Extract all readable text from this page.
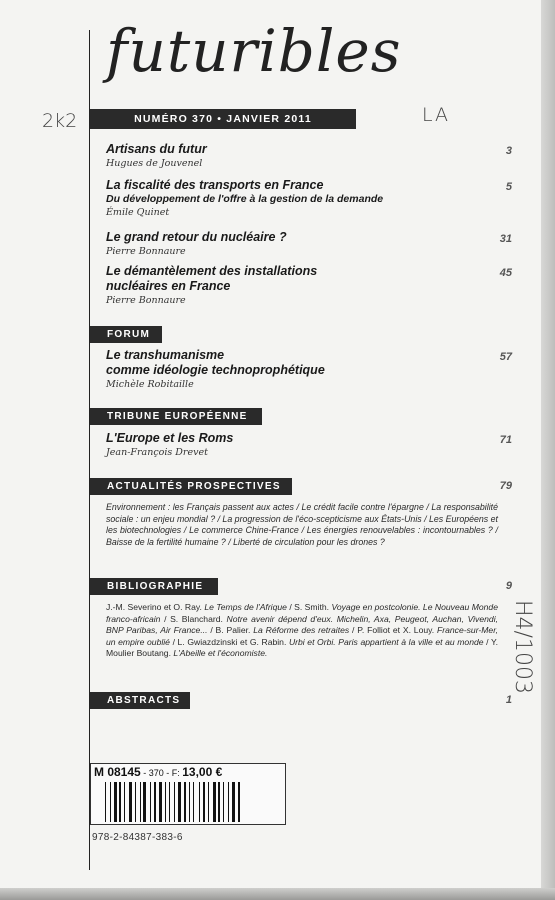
futuribles
NUMÉRO 370 • JANVIER 2011
2k2	LA
H4/1003
Artisans du futur
Hugues de Jouvenel
3
La fiscalité des transports en France
Du développement de l'offre à la gestion de la demande
Émile Quinet
5
Le grand retour du nucléaire ?
Pierre Bonnaure
31
Le démantèlement des installations
nucléaires en France
Pierre Bonnaure
45
FORUM
Le transhumanisme
comme idéologie technoprophétique
Michèle Robitaille
57
TRIBUNE EUROPÉENNE
L'Europe et les Roms
Jean-François Drevet
71
ACTUALITÉS PROSPECTIVES	79
Environnement : les Français passent aux actes / Le crédit facile contre l'épargne / La responsabilité sociale : un enjeu mondial ? / La progression de l'éco-scepticisme aux États-Unis / Les Européens et les biotechnologies / Le commerce Chine-France / Les énergies renouvelables : incontournables ? / Baisse de la fertilité humaine ? / Liberté de circulation pour les drones ?
BIBLIOGRAPHIE	9
J.-M. Severino et O. Ray. Le Temps de l'Afrique / S. Smith. Voyage en postcolonie. Le Nouveau Monde franco-africain / S. Blanchard. Notre avenir dépend d'eux. Michelin, Axa, Peugeot, Auchan, Vivendi, BNP Paribas, Air France... / B. Palier. La Réforme des retraites / P. Folliot et X. Louy. France-sur-Mer, un empire oublié / L. Gwiazdzinski et G. Rabin. Urbi et Orbi. Paris appartient à la ville et au monde / Y. Moulier Boutang. L'Abeille et l'économiste.
ABSTRACTS	1
M 08145 - 370 - F: 13,00 €
978-2-84387-383-6
